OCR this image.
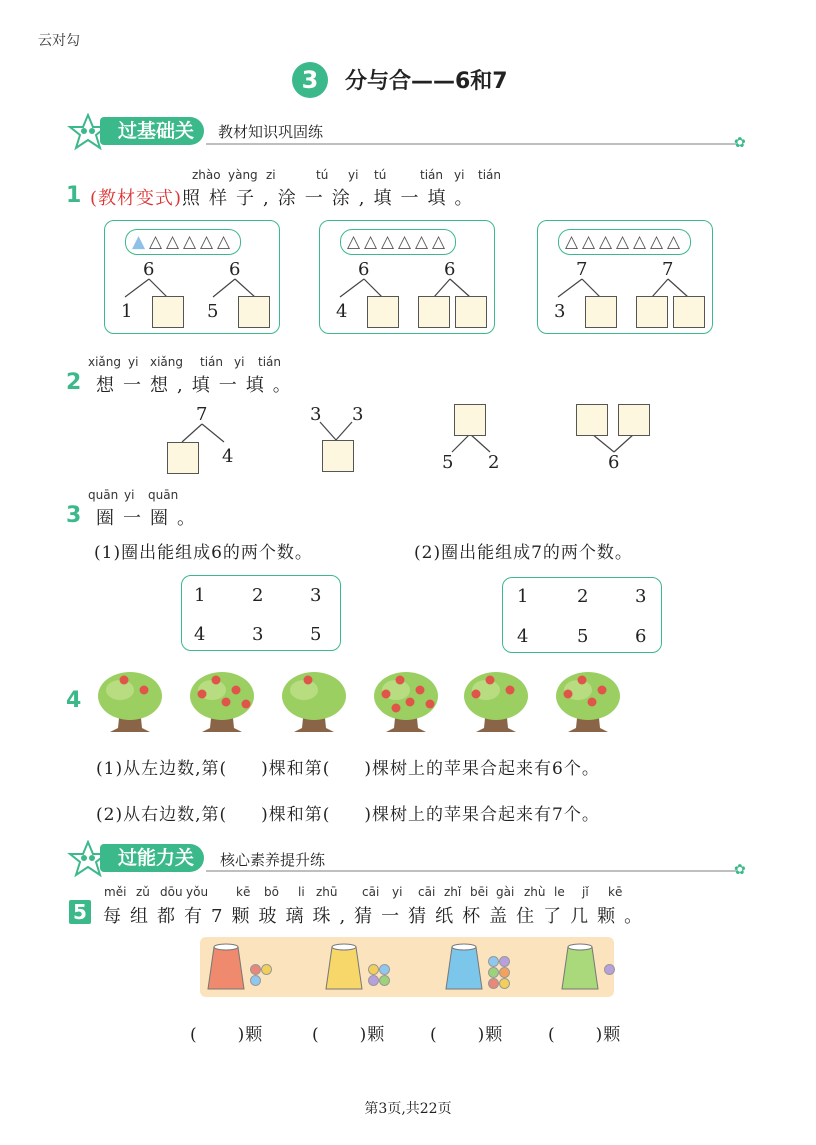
云对勾
3	分与合——6和7
过基础关	教材知识巩固练
✿
1
zhào yàng zi	tú yi tú	tián yi tián
(教材变式)照样子,涂一涂,填一填。
▲ △ △ △ △ △
6	6
1	5
△ △ △ △ △ △
6	6
4
△ △ △ △ △ △ △
7	7
3
xiǎng yi xiǎng tián yi tián
2 想一想,填一填。
7
4
3 3
5 2	6
quān yi quān
3 圈一圈。
(1)圈出能组成6的两个数。	(2)圈出能组成7的两个数。
1	2	3
4	3	5
1	2	3
4	5	6
4
(1)从左边数,第( )棵和第( )棵树上的苹果合起来有6个。
(2)从右边数,第( )棵和第( )棵树上的苹果合起来有7个。
过能力关	核心素养提升练
✿
měi zǔ dōu yǒu kē bō li zhū cāi yi cāi zhǐ bēi gài zhù le jǐ kē
5 每组都有7颗玻璃珠,猜一猜纸杯盖住了几颗。
( )颗	( )颗	( )颗	( )颗
第3页,共22页
